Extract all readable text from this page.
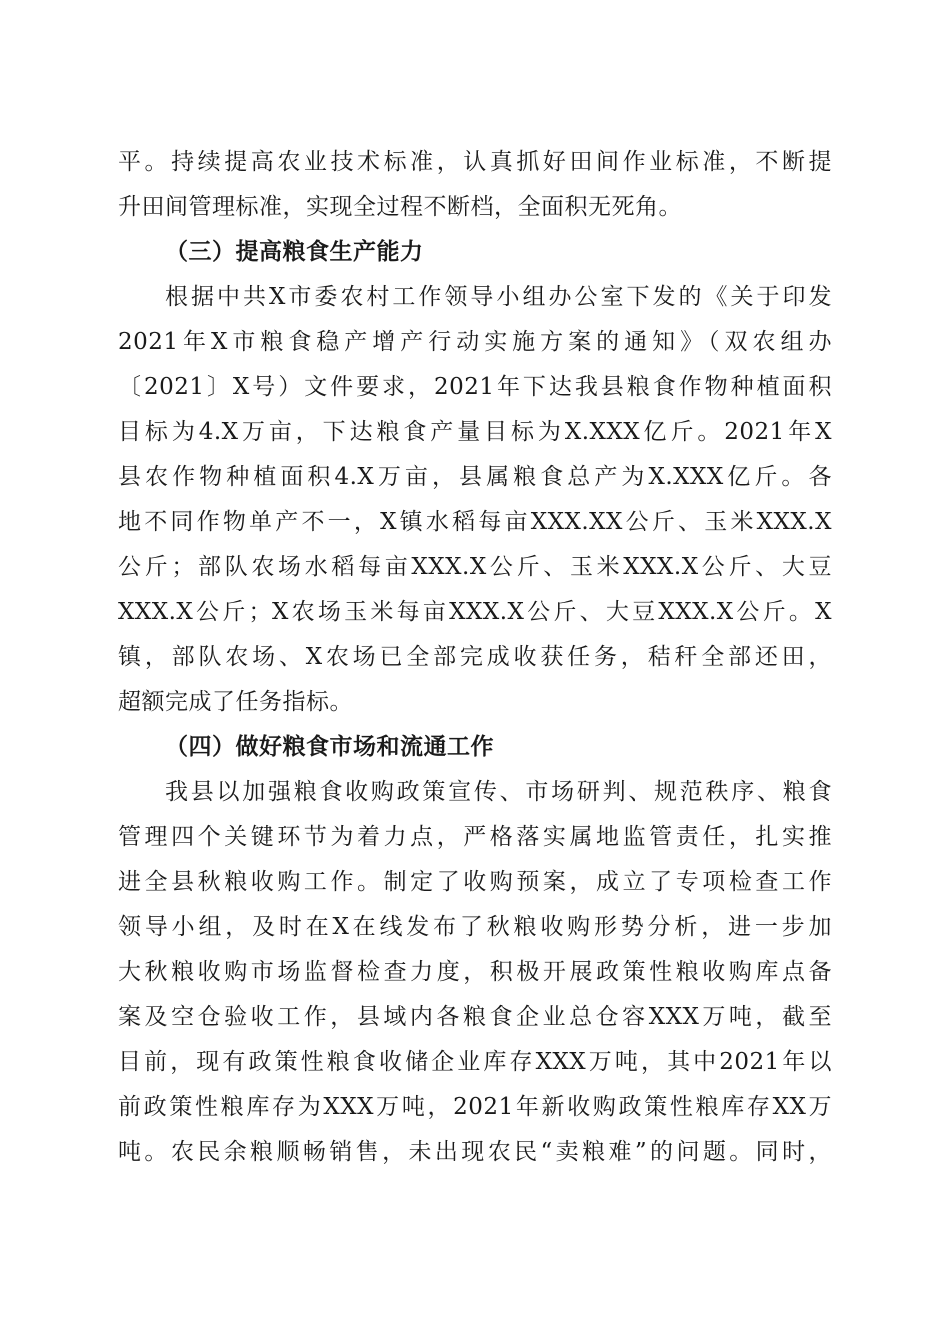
平。持续提高农业技术标准，认真抓好田间作业标准，不断提
升田间管理标准，实现全过程不断档，全面积无死角。
（三）提高粮食生产能力
根据中共X市委农村工作领导小组办公室下发的《关于印发
2021年X市粮食稳产增产行动实施方案的通知》（双农组办
〔2021〕X号）文件要求，2021年下达我县粮食作物种植面积
目标为4.X万亩，下达粮食产量目标为X.XXX亿斤。2021年X
县农作物种植面积4.X万亩，县属粮食总产为X.XXX亿斤。各
地不同作物单产不一，X镇水稻每亩XXX.XX公斤、玉米XXX.X
公斤；部队农场水稻每亩XXX.X公斤、玉米XXX.X公斤、大豆
XXX.X公斤；X农场玉米每亩XXX.X公斤、大豆XXX.X公斤。X
镇，部队农场、X农场已全部完成收获任务，秸秆全部还田，
超额完成了任务指标。
（四）做好粮食市场和流通工作
我县以加强粮食收购政策宣传、市场研判、规范秩序、粮食
管理四个关键环节为着力点，严格落实属地监管责任，扎实推
进全县秋粮收购工作。制定了收购预案，成立了专项检查工作
领导小组，及时在X在线发布了秋粮收购形势分析，进一步加
大秋粮收购市场监督检查力度，积极开展政策性粮收购库点备
案及空仓验收工作，县域内各粮食企业总仓容XXX万吨，截至
目前，现有政策性粮食收储企业库存XXX万吨，其中2021年以
前政策性粮库存为XXX万吨，2021年新收购政策性粮库存XX万
吨。农民余粮顺畅销售，未出现农民“卖粮难”的问题。同时，
